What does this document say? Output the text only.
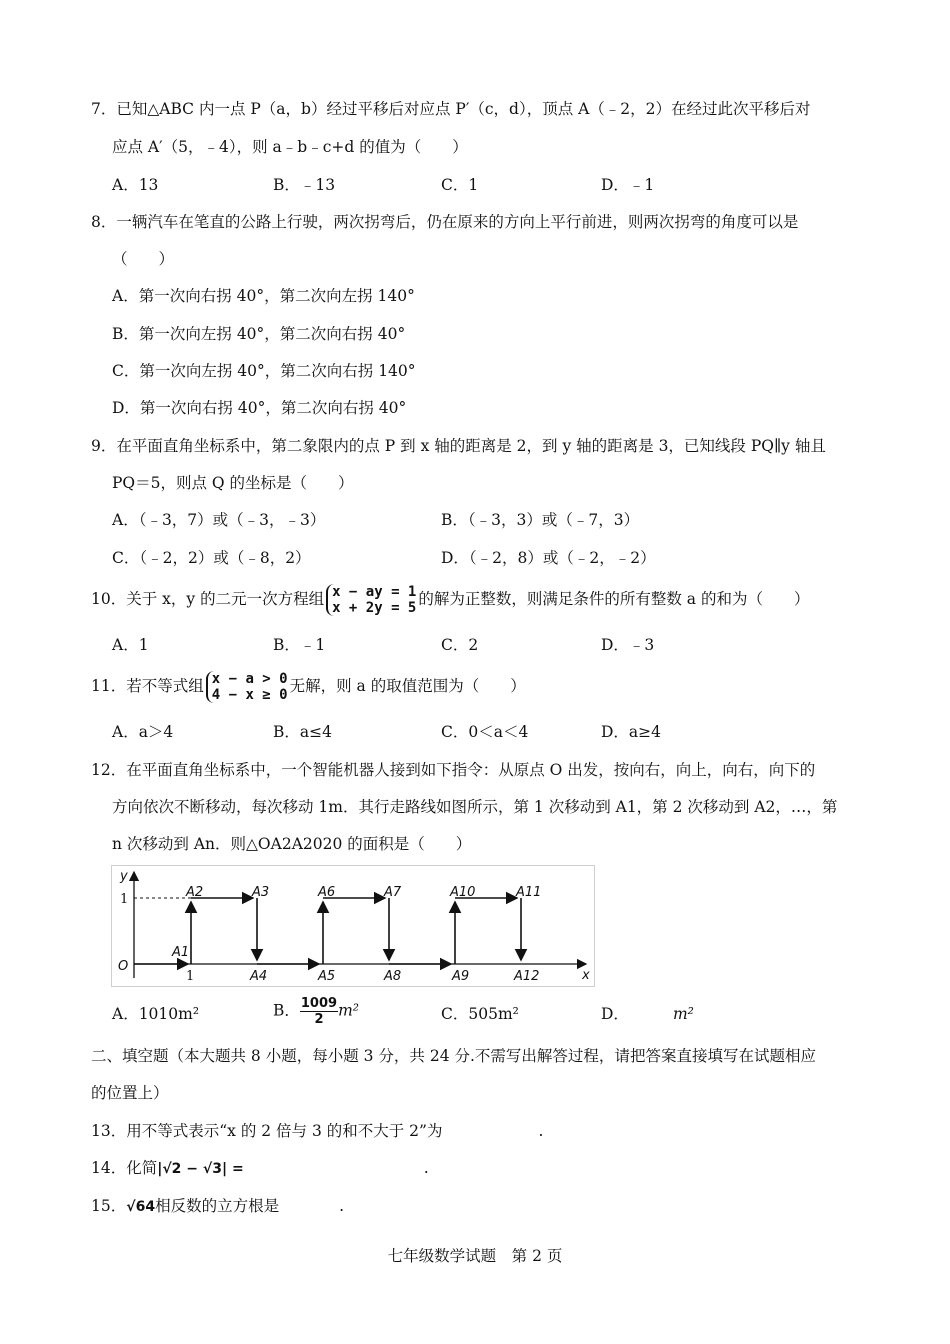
7．已知△ABC 内一点 P（a，b）经过平移后对应点 P′（c，d），顶点 A（﹣2，2）在经过此次平移后对
应点 A′（5，﹣4），则 a﹣b﹣c+d 的值为（　　）
A．13	B．﹣13	C．1	D．﹣1
8．一辆汽车在笔直的公路上行驶，两次拐弯后，仍在原来的方向上平行前进，则两次拐弯的角度可以是
（　　）
A．第一次向右拐 40°，第二次向左拐 140°
B．第一次向左拐 40°，第二次向右拐 40°
C．第一次向左拐 40°，第二次向右拐 140°
D．第一次向右拐 40°，第二次向右拐 40°
9．在平面直角坐标系中，第二象限内的点 P 到 x 轴的距离是 2，到 y 轴的距离是 3，已知线段 PQ∥y 轴且
PQ＝5，则点 Q 的坐标是（　　）
A．（﹣3，7）或（﹣3，﹣3）	B．（﹣3，3）或（﹣7，3）
C．（﹣2，2）或（﹣8，2）	D．（﹣2，8）或（﹣2，﹣2）
10．关于 x，y 的二元一次方程组 x − ay = 1
x + 2y = 5 的解为正整数，则满足条件的所有整数 a 的和为（　　）
A．1	B．﹣1	C．2	D．﹣3
11．若不等式组 x − a > 0
4 − x ≥ 0 无解，则 a 的取值范围为（　　）
A．a＞4	B．a≤4	C．0＜a＜4	D．a≥4
12．在平面直角坐标系中，一个智能机器人接到如下指令：从原点 O 出发，按向右，向上，向右，向下的
方向依次不断移动，每次移动 1m．其行走路线如图所示，第 1 次移动到 A1，第 2 次移动到 A2，…，第
n 次移动到 An．则△OA2A2020 的面积是（　　）
y
x
O
A2	A3	A6	A7	A10	A11
A1
A4	A5	A8	A9	A12
1
1
A．1010m²	B． $\frac{1009}{2} m^2$	C．505m²	D．	m²
二、填空题（本大题共 8 小题，每小题 3 分，共 24 分.不需写出解答过程，请把答案直接填写在试题相应
的位置上）
13．用不等式表示“x 的 2 倍与 3 的和不大于 2”为	.
14．化简|√2 − √3| =	.
15．√64相反数的立方根是	.
七年级数学试题　第 2 页
